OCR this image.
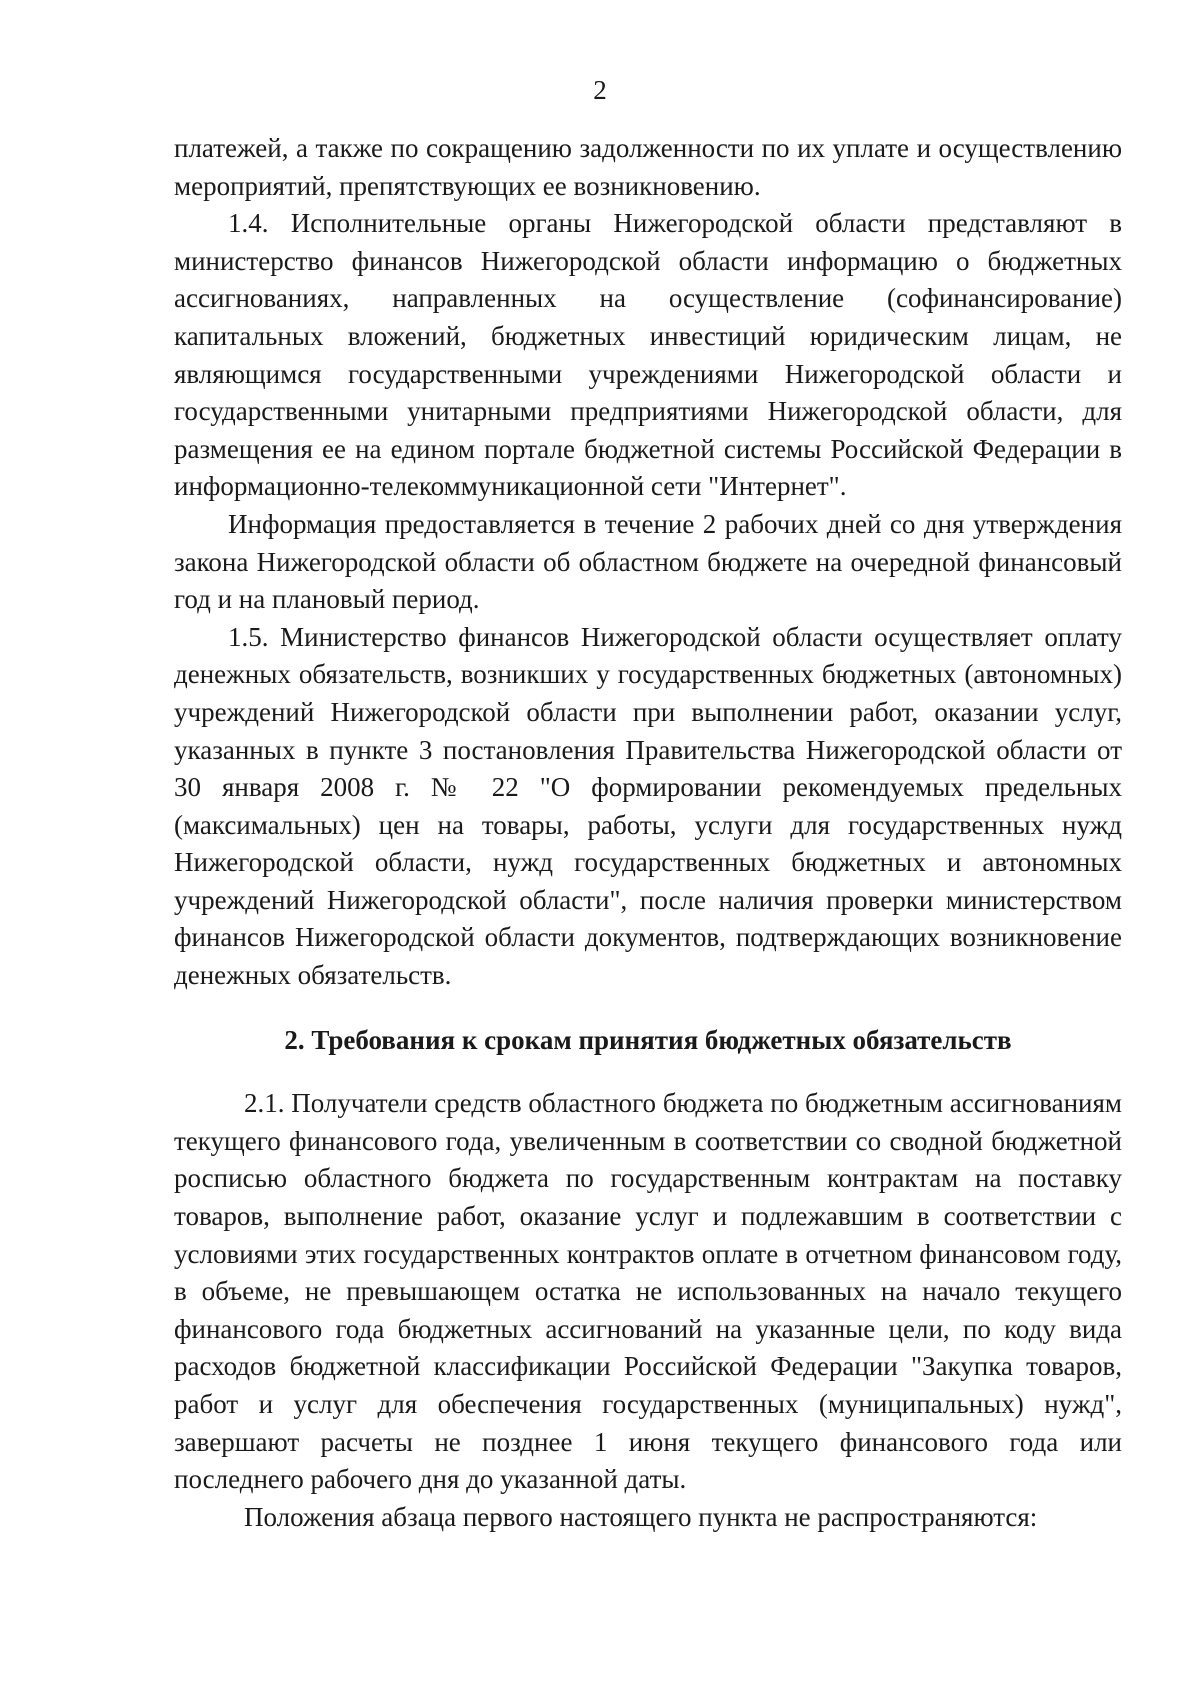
2

платежей, а также по сокращению задолженности по их уплате и осуществлению мероприятий, препятствующих ее возникновению.

1.4. Исполнительные органы Нижегородской области представляют в министерство финансов Нижегородской области информацию о бюджетных ассигнованиях, направленных на осуществление (софинансирование) капитальных вложений, бюджетных инвестиций юридическим лицам, не являющимся государственными учреждениями Нижегородской области и государственными унитарными предприятиями Нижегородской области, для размещения ее на едином портале бюджетной системы Российской Федерации в информационно-телекоммуникационной сети "Интернет".

Информация предоставляется в течение 2 рабочих дней со дня утверждения закона Нижегородской области об областном бюджете на очередной финансовый год и на плановый период.

1.5. Министерство финансов Нижегородской области осуществляет оплату денежных обязательств, возникших у государственных бюджетных (автономных) учреждений Нижегородской области при выполнении работ, оказании услуг, указанных в пункте 3 постановления Правительства Нижегородской области от 30 января 2008 г. № 22 "О формировании рекомендуемых предельных (максимальных) цен на товары, работы, услуги для государственных нужд Нижегородской области, нужд государственных бюджетных и автономных учреждений Нижегородской области", после наличия проверки министерством финансов Нижегородской области документов, подтверждающих возникновение денежных обязательств.

2. Требования к срокам принятия бюджетных обязательств

2.1. Получатели средств областного бюджета по бюджетным ассигнованиям текущего финансового года, увеличенным в соответствии со сводной бюджетной росписью областного бюджета по государственным контрактам на поставку товаров, выполнение работ, оказание услуг и подлежавшим в соответствии с условиями этих государственных контрактов оплате в отчетном финансовом году, в объеме, не превышающем остатка не использованных на начало текущего финансового года бюджетных ассигнований на указанные цели, по коду вида расходов бюджетной классификации Российской Федерации "Закупка товаров, работ и услуг для обеспечения государственных (муниципальных) нужд", завершают расчеты не позднее 1 июня текущего финансового года или последнего рабочего дня до указанной даты.

Положения абзаца первого настоящего пункта не распространяются:
